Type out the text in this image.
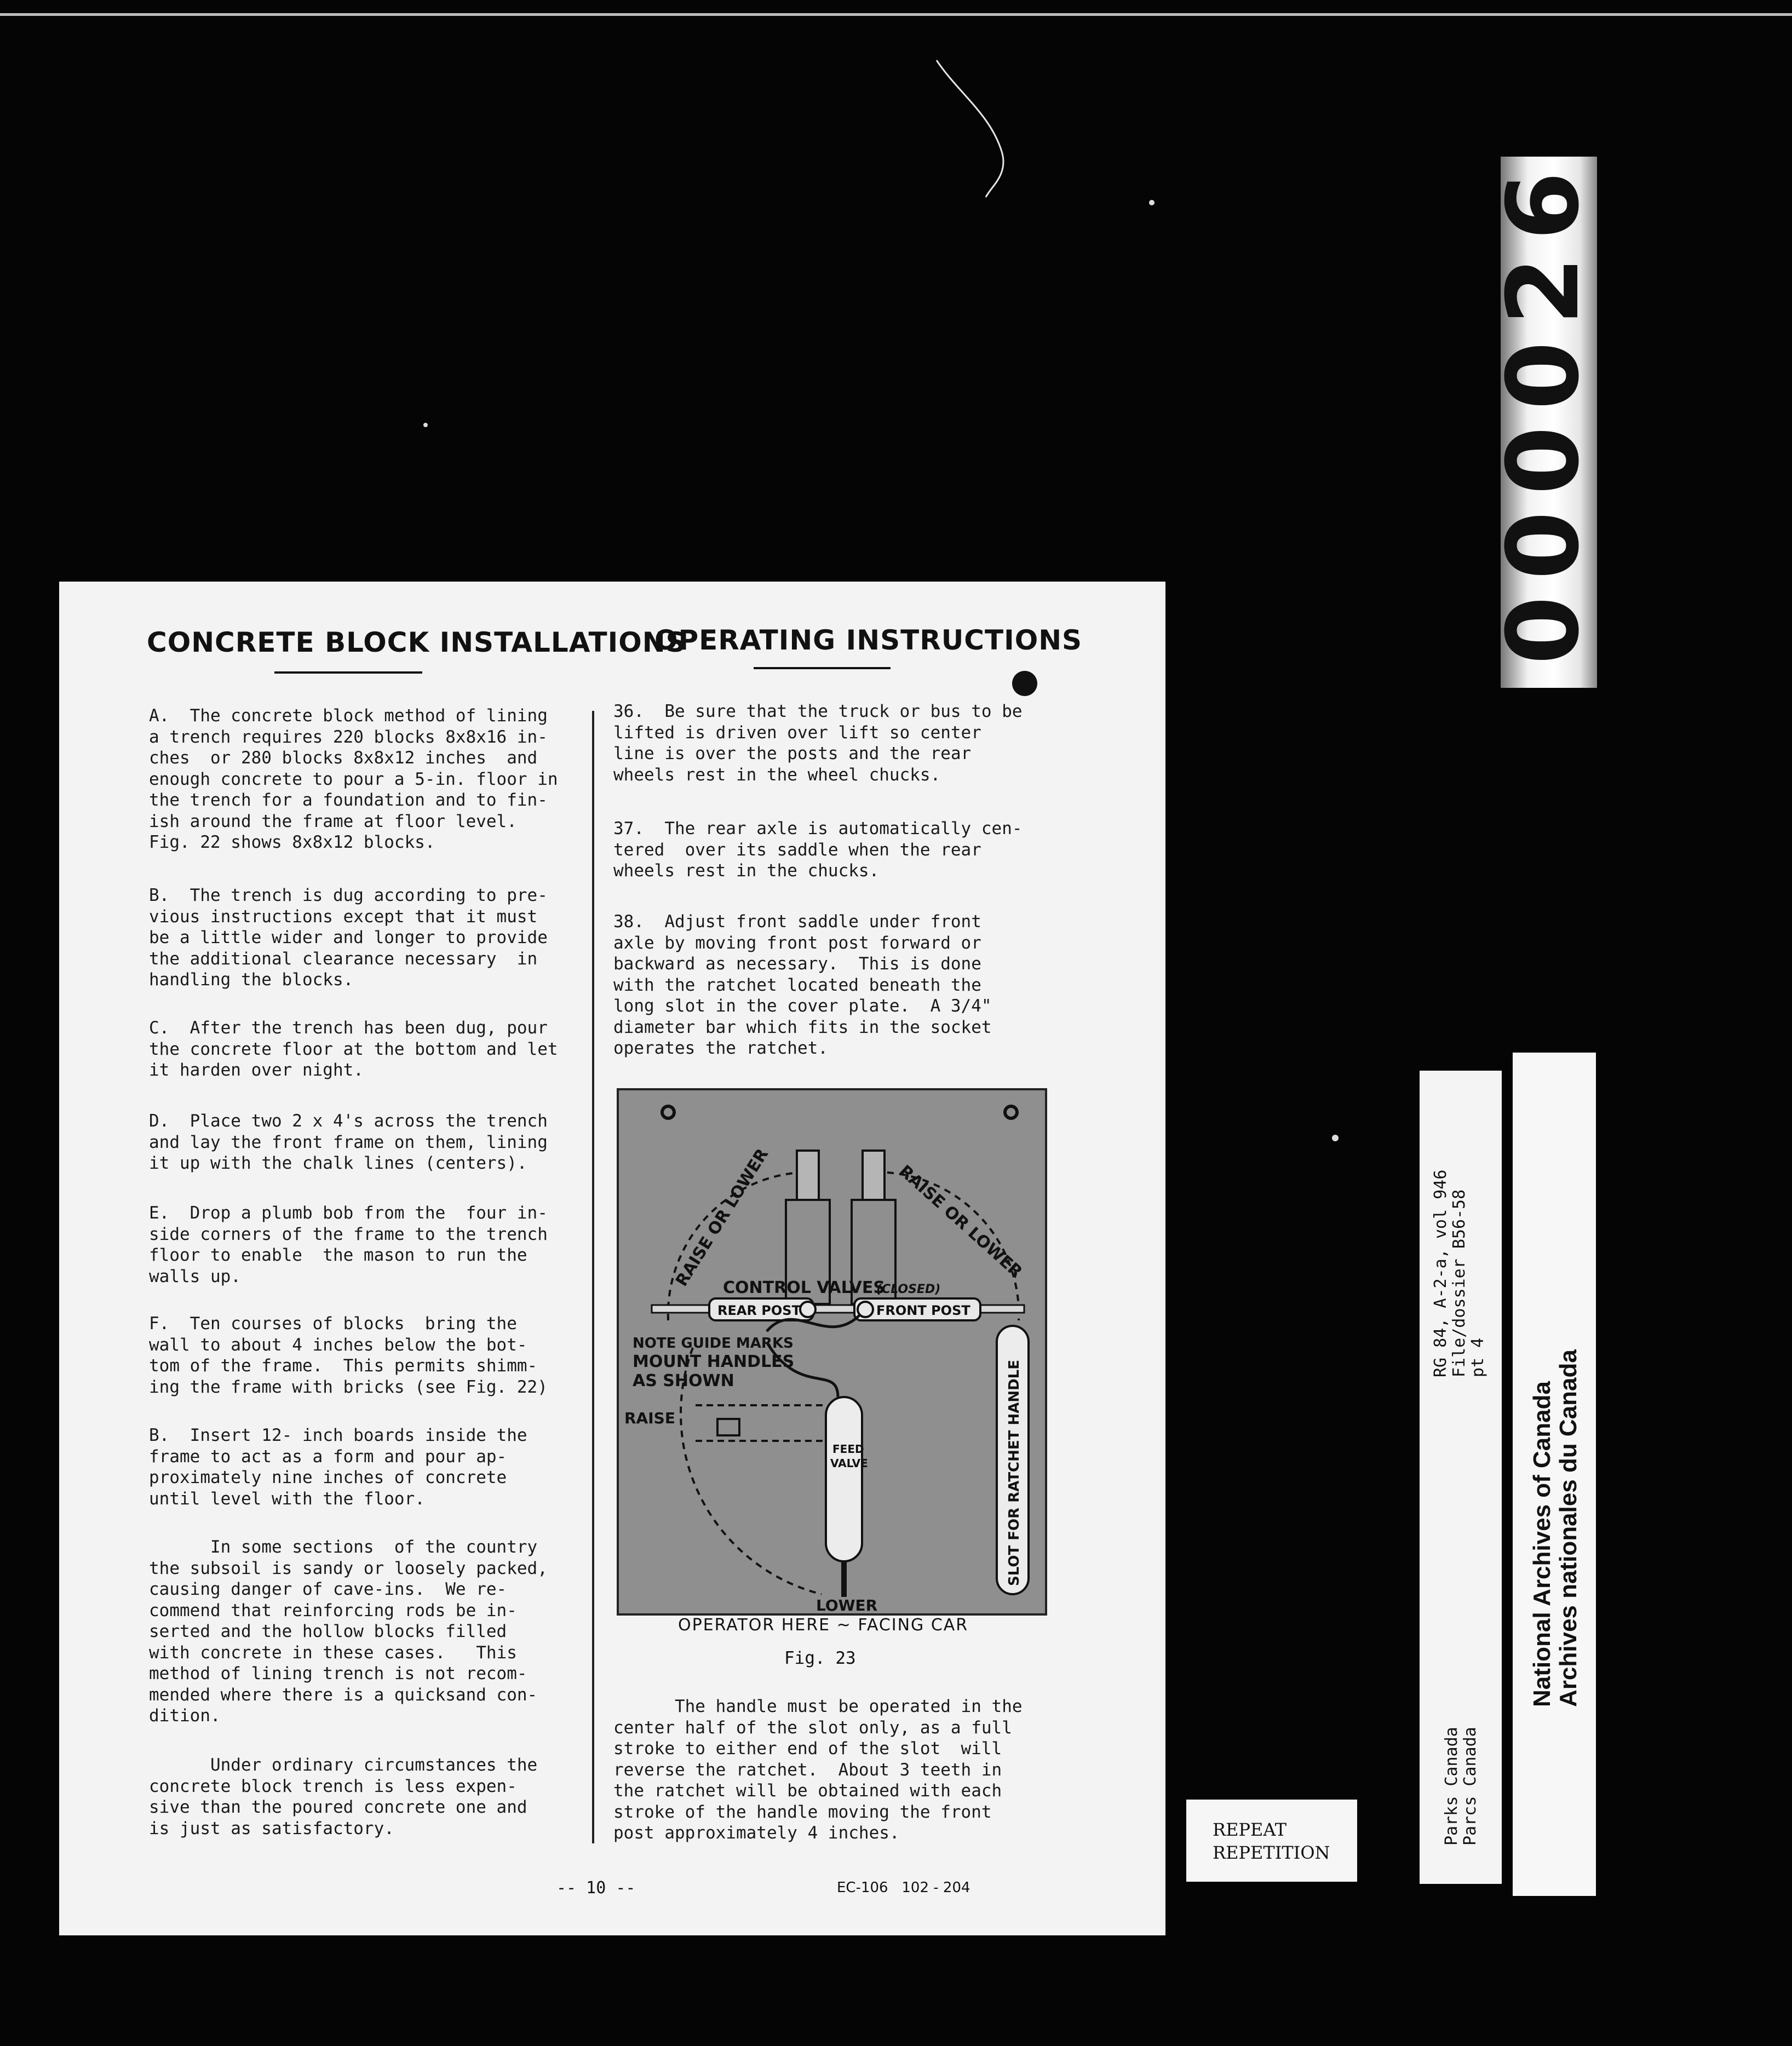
CONCRETE BLOCK INSTALLATIONS
OPERATING INSTRUCTIONS
A.  The concrete block method of lining
a trench requires 220 blocks 8x8x16 in-
ches  or 280 blocks 8x8x12 inches  and
enough concrete to pour a 5-in. floor in
the trench for a foundation and to fin-
ish around the frame at floor level.
Fig. 22 shows 8x8x12 blocks.
B.  The trench is dug according to pre-
vious instructions except that it must
be a little wider and longer to provide
the additional clearance necessary  in
handling the blocks.
C.  After the trench has been dug, pour
the concrete floor at the bottom and let
it harden over night.
D.  Place two 2 x 4's across the trench
and lay the front frame on them, lining
it up with the chalk lines (centers).
E.  Drop a plumb bob from the  four in-
side corners of the frame to the trench
floor to enable  the mason to run the
walls up.
F.  Ten courses of blocks  bring the
wall to about 4 inches below the bot-
tom of the frame.  This permits shimm-
ing the frame with bricks (see Fig. 22)
B.  Insert 12- inch boards inside the
frame to act as a form and pour ap-
proximately nine inches of concrete
until level with the floor.
In some sections  of the country
the subsoil is sandy or loosely packed,
causing danger of cave-ins.  We re-
commend that reinforcing rods be in-
serted and the hollow blocks filled
with concrete in these cases.   This
method of lining trench is not recom-
mended where there is a quicksand con-
dition.
Under ordinary circumstances the
concrete block trench is less expen-
sive than the poured concrete one and
is just as satisfactory.
36.  Be sure that the truck or bus to be
lifted is driven over lift so center
line is over the posts and the rear
wheels rest in the wheel chucks.
37.  The rear axle is automatically cen-
tered  over its saddle when the rear
wheels rest in the chucks.
38.  Adjust front saddle under front
axle by moving front post forward or
backward as necessary.  This is done
with the ratchet located beneath the
long slot in the cover plate.  A 3/4"
diameter bar which fits in the socket
operates the ratchet.
RAISE OR LOWER	RAISE OR LOWER
CONTROL VALVES
(CLOSED)
REAR POST	FRONT POST
NOTE GUIDE MARKS
MOUNT HANDLES
AS SHOWN
RAISE
FEED
VALVE
LOWER
SLOT FOR RATCHET HANDLE
OPERATOR HERE ~ FACING CAR
Fig. 23
The handle must be operated in the
center half of the slot only, as a full
stroke to either end of the slot  will
reverse the ratchet.  About 3 teeth in
the ratchet will be obtained with each
stroke of the handle moving the front
post approximately 4 inches.
-- 10 --	EC-106   102 - 204
0
0
0
0
2
6
RG 84, A-2-a, vol 946 File/dossier B56-58 pt 4
Parks Canada Parcs Canada
National Archives of Canada Archives nationales du Canada
REPEAT
REPETITION
